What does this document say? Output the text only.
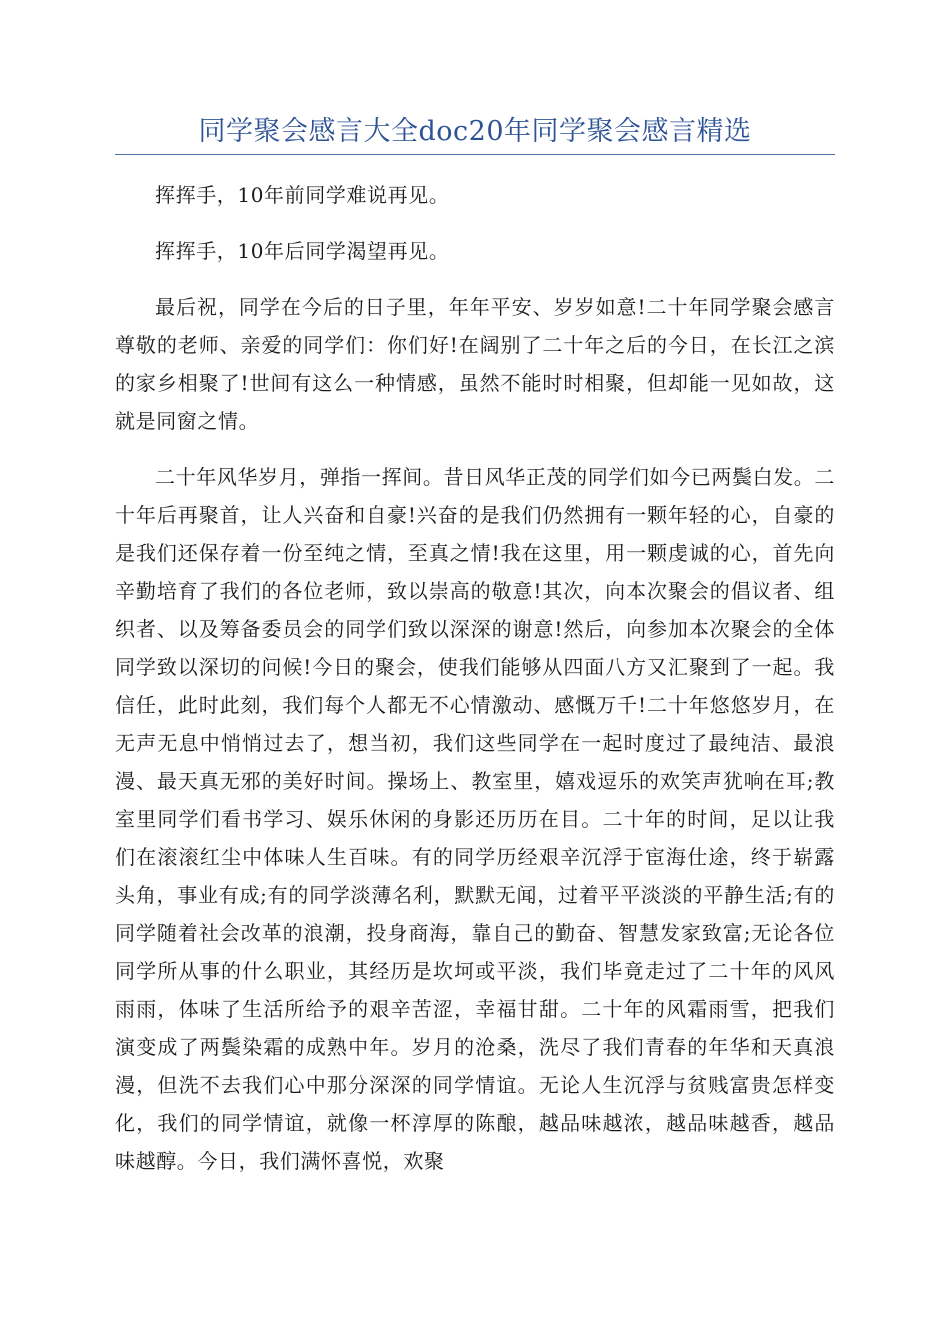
同学聚会感言大全doc20年同学聚会感言精选

挥挥手，10年前同学难说再见。

挥挥手，10年后同学渴望再见。

最后祝，同学在今后的日子里，年年平安、岁岁如意!二十年同学聚会感言尊敬的老师、亲爱的同学们：你们好!在阔别了二十年之后的今日，在长江之滨的家乡相聚了!世间有这么一种情感，虽然不能时时相聚，但却能一见如故，这就是同窗之情。

二十年风华岁月，弹指一挥间。昔日风华正茂的同学们如今已两鬓白发。二十年后再聚首，让人兴奋和自豪!兴奋的是我们仍然拥有一颗年轻的心，自豪的是我们还保存着一份至纯之情，至真之情!我在这里，用一颗虔诚的心，首先向辛勤培育了我们的各位老师，致以崇高的敬意!其次，向本次聚会的倡议者、组织者、以及筹备委员会的同学们致以深深的谢意!然后，向参加本次聚会的全体同学致以深切的问候!今日的聚会，使我们能够从四面八方又汇聚到了一起。我信任，此时此刻，我们每个人都无不心情激动、感慨万千!二十年悠悠岁月，在无声无息中悄悄过去了，想当初，我们这些同学在一起时度过了最纯洁、最浪漫、最天真无邪的美好时间。操场上、教室里，嬉戏逗乐的欢笑声犹响在耳;教室里同学们看书学习、娱乐休闲的身影还历历在目。二十年的时间，足以让我们在滚滚红尘中体味人生百味。有的同学历经艰辛沉浮于宦海仕途，终于崭露头角，事业有成;有的同学淡薄名利，默默无闻，过着平平淡淡的平静生活;有的同学随着社会改革的浪潮，投身商海，靠自己的勤奋、智慧发家致富;无论各位同学所从事的什么职业，其经历是坎坷或平淡，我们毕竟走过了二十年的风风雨雨，体味了生活所给予的艰辛苦涩，幸福甘甜。二十年的风霜雨雪，把我们演变成了两鬓染霜的成熟中年。岁月的沧桑，洗尽了我们青春的年华和天真浪漫，但洗不去我们心中那分深深的同学情谊。无论人生沉浮与贫贱富贵怎样变化，我们的同学情谊，就像一杯淳厚的陈酿，越品味越浓，越品味越香，越品味越醇。今日，我们满怀喜悦，欢聚
